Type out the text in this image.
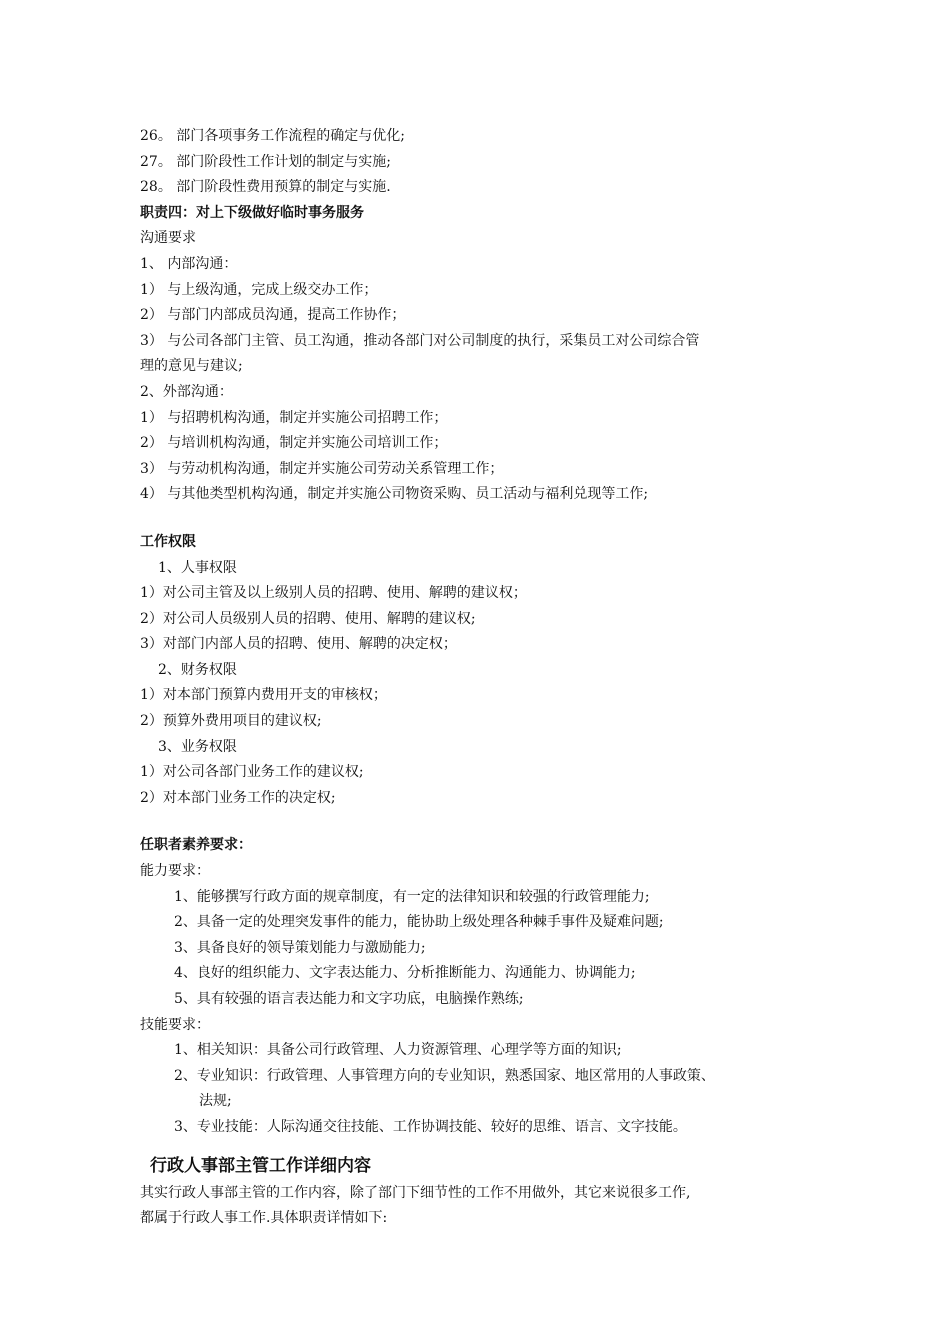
26。 部门各项事务工作流程的确定与优化;
27。 部门阶段性工作计划的制定与实施;
28。 部门阶段性费用预算的制定与实施.
职责四：对上下级做好临时事务服务
沟通要求
1、 内部沟通：
1） 与上级沟通，完成上级交办工作；
2） 与部门内部成员沟通，提高工作协作；
3） 与公司各部门主管、员工沟通，推动各部门对公司制度的执行，采集员工对公司综合管
理的意见与建议;
2、外部沟通：
1） 与招聘机构沟通，制定并实施公司招聘工作；
2） 与培训机构沟通，制定并实施公司培训工作；
3） 与劳动机构沟通，制定并实施公司劳动关系管理工作；
4） 与其他类型机构沟通，制定并实施公司物资采购、员工活动与福利兑现等工作;
工作权限
1、人事权限
1）对公司主管及以上级别人员的招聘、使用、解聘的建议权；
2）对公司人员级别人员的招聘、使用、解聘的建议权;
3）对部门内部人员的招聘、使用、解聘的决定权；
2、财务权限
1）对本部门预算内费用开支的审核权；
2）预算外费用项目的建议权;
3、业务权限
1）对公司各部门业务工作的建议权;
2）对本部门业务工作的决定权;
任职者素养要求：
能力要求：
1、能够撰写行政方面的规章制度，有一定的法律知识和较强的行政管理能力;
2、具备一定的处理突发事件的能力，能协助上级处理各种棘手事件及疑难问题;
3、具备良好的领导策划能力与激励能力;
4、良好的组织能力、文字表达能力、分析推断能力、沟通能力、协调能力;
5、具有较强的语言表达能力和文字功底，电脑操作熟练;
技能要求：
1、相关知识：具备公司行政管理、人力资源管理、心理学等方面的知识;
2、专业知识：行政管理、人事管理方向的专业知识，熟悉国家、地区常用的人事政策、
法规;
3、专业技能：人际沟通交往技能、工作协调技能、较好的思维、语言、文字技能。
行政人事部主管工作详细内容
其实行政人事部主管的工作内容，除了部门下细节性的工作不用做外，其它来说很多工作,
都属于行政人事工作.具体职责详情如下:
